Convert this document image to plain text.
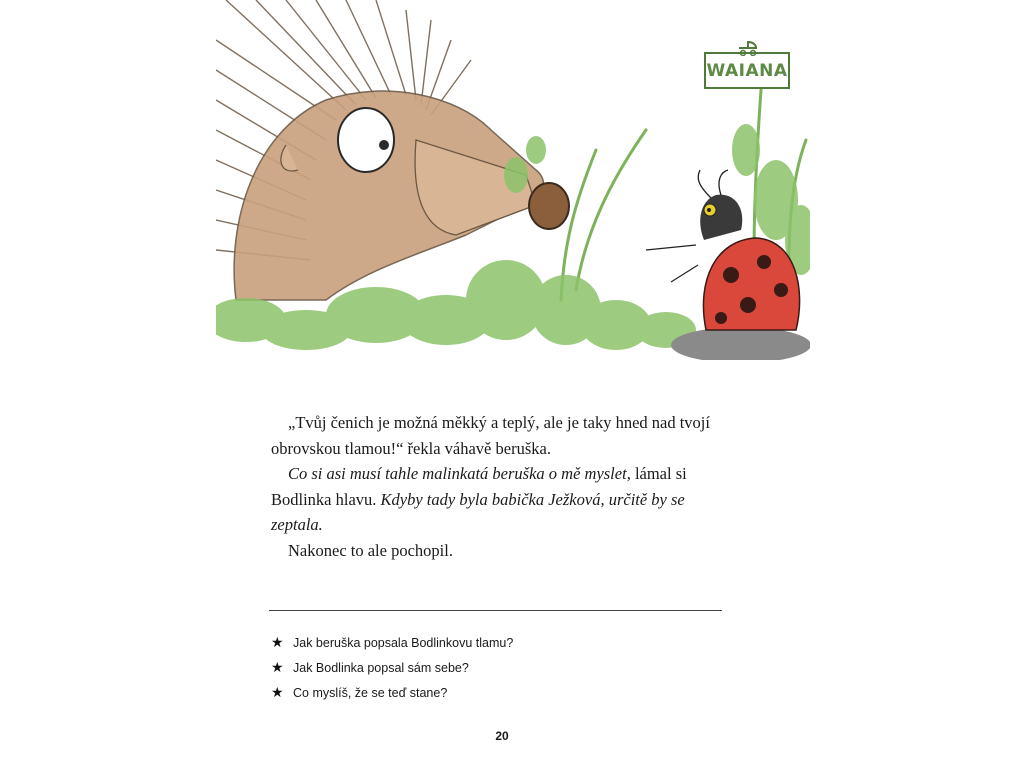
WAIANA

„Tvůj čenich je možná měkký a teplý, ale je taky hned nad tvojí obrovskou tlamou!“ řekla váhavě beruška.

Co si asi musí tahle malinkatá beruška o mě myslet, lámal si Bodlinka hlavu. Kdyby tady byla babička Ježková, určitě by se zeptala.

Nakonec to ale pochopil.

★ Jak beruška popsala Bodlinkovu tlamu?
★ Jak Bodlinka popsal sám sebe?
★ Co myslíš, že se teď stane?
20
